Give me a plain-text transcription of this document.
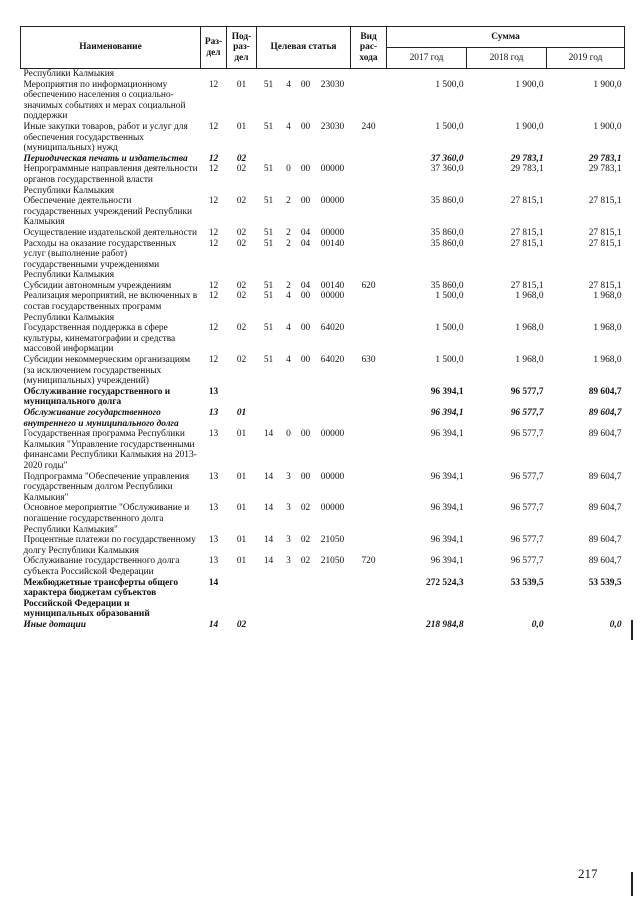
Наименование	Раз-дел	Под-раз-дел	Целевая статья				Вид рас-хода	Сумма		
								2017 год	2018 год	2019 год
Республики Калмыкия										
Мероприятия по информационному обеспечению населения о социально-значимых событиях и мерах социальной поддержки	12	01	51	4	00	23030		1 500,0	1 900,0	1 900,0
Иные закупки товаров, работ и услуг для обеспечения государственных (муниципальных) нужд	12	01	51	4	00	23030	240	1 500,0	1 900,0	1 900,0
Периодическая печать и издательства	12	02						37 360,0	29 783,1	29 783,1
Непрограммные направления деятельности органов государственной власти Республики Калмыкия	12	02	51	0	00	00000		37 360,0	29 783,1	29 783,1
Обеспечение деятельности государственных учреждений Республики Калмыкия	12	02	51	2	00	00000		35 860,0	27 815,1	27 815,1
Осуществление издательской деятельности	12	02	51	2	04	00000		35 860,0	27 815,1	27 815,1
Расходы на оказание государственных услуг (выполнение работ) государственными учреждениями Республики Калмыкия	12	02	51	2	04	00140		35 860,0	27 815,1	27 815,1
Субсидии автономным учреждениям	12	02	51	2	04	00140	620	35 860,0	27 815,1	27 815,1
Реализация мероприятий, не включенных в состав государственных программ Республики Калмыкия	12	02	51	4	00	00000		1 500,0	1 968,0	1 968,0
Государственная поддержка в сфере культуры, кинематографии и средства массовой информации	12	02	51	4	00	64020		1 500,0	1 968,0	1 968,0
Субсидии некоммерческим организациям (за исключением государственных (муниципальных) учреждений)	12	02	51	4	00	64020	630	1 500,0	1 968,0	1 968,0
Обслуживание государственного и муниципального долга	13							96 394,1	96 577,7	89 604,7
Обслуживание государственного внутреннего и муниципального долга	13	01						96 394,1	96 577,7	89 604,7
Государственная программа Республики Калмыкия "Управление государственными финансами Республики Калмыкия на 2013-2020 годы"	13	01	14	0	00	00000		96 394,1	96 577,7	89 604,7
Подпрограмма "Обеспечение управления государственным долгом Республики Калмыкия"	13	01	14	3	00	00000		96 394,1	96 577,7	89 604,7
Основное мероприятие "Обслуживание и погашение государственного долга Республики Калмыкия"	13	01	14	3	02	00000		96 394,1	96 577,7	89 604,7
Процентные платежи по государственному долгу Республики Калмыкия	13	01	14	3	02	21050		96 394,1	96 577,7	89 604,7
Обслуживание государственного долга субъекта Российской Федерации	13	01	14	3	02	21050	720	96 394,1	96 577,7	89 604,7
Межбюджетные трансферты общего характера бюджетам субъектов Российской Федерации и муниципальных образований	14							272 524,3	53 539,5	53 539,5
Иные дотации	14	02						218 984,8	0,0	0,0
217
